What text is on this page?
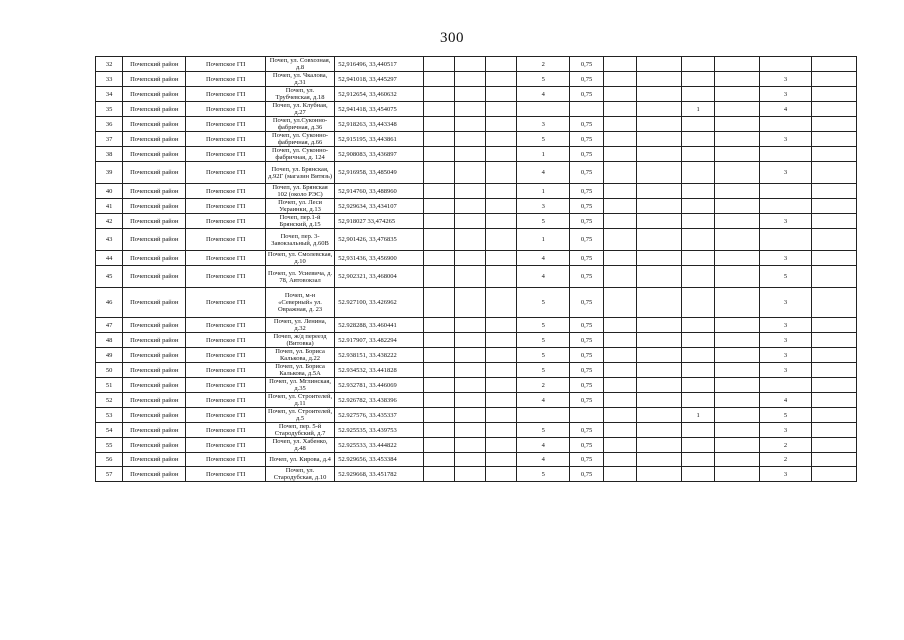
300
32	Почепский район	Почепское ГП	Почеп, ул. Совхозная, д.8	52,916496, 33,440517				2	0,75						
33	Почепский район	Почепское ГП	Почеп, ул. Чкалова, д.31	52,941018, 33,445297				5	0,75					3	
34	Почепский район	Почепское ГП	Почеп, ул. Трубчевская, д.18	52,912654, 33,460632				4	0,75					3	
35	Почепский район	Почепское ГП	Почеп, ул. Клубная, д.27	52,941418, 33,454075								1		4	
36	Почепский район	Почепское ГП	Почеп, ул.Суконно-фабричная, д.36	52,918263, 33,443348				3	0,75						
37	Почепский район	Почепское ГП	Почеп, ул. Суконно-фабричная, д.66	52,915195, 33,443861				5	0,75					3	
38	Почепский район	Почепское ГП	Почеп, ул. Суконно-фабричная, д. 124	52,908083, 33,436897				1	0,75						
39	Почепский район	Почепское ГП	Почеп, ул. Брянская, д.92Г (магазин Витязь)	52,916958, 33,485049				4	0,75					3	
40	Почепский район	Почепское ГП	Почеп, ул. Брянская 102 (около РЭС)	52,914760, 33,488960				1	0,75						
41	Почепский район	Почепское ГП	Почеп, ул. Леси Украинки, д.13	52,929634, 33,434107				3	0,75						
42	Почепский район	Почепское ГП	Почеп, пер.1-й Брянский, д.15	52,918027 33,474265				5	0,75					3	
43	Почепский район	Почепское ГП	Почеп, пер. 3-Завокзальный, д.60В	52,901426, 33,476835				1	0,75						
44	Почепский район	Почепское ГП	Почеп, ул. Смолевская, д.10	52,931436, 33,456900				4	0,75					3	
45	Почепский район	Почепское ГП	Почеп, ул. Усиевича, д. 78, Автовокзал	52,902321, 33,468004				4	0,75					5	
46	Почепский район	Почепское ГП	Почеп, м-н «Северный» ул. Овражная, д. 23	52.927100, 33.426962				5	0,75					3	
47	Почепский район	Почепское ГП	Почеп, ул. Ленина, д.32	52.928288, 33.460441				5	0,75					3	
48	Почепский район	Почепское ГП	Почеп, ж/д переезд (Витовка)	52.917907, 33.482294				5	0,75					3	
49	Почепский район	Почепское ГП	Почеп, ул. Бориса Калькова, д.22	52.938151, 33.438222				5	0,75					3	
50	Почепский район	Почепское ГП	Почеп, ул. Бориса Калькова, д.5А	52.934532, 33.441828				5	0,75					3	
51	Почепский район	Почепское ГП	Почеп, ул. Мглинская, д.35	52.932781, 33.446069				2	0,75						
52	Почепский район	Почепское ГП	Почеп, ул. Строителей, д.11	52.926782, 33.438396				4	0,75					4	
53	Почепский район	Почепское ГП	Почеп, ул. Строителей, д.5	52.927576, 33.435337								1		5	
54	Почепский район	Почепское ГП	Почеп, пер. 5-й Стародубский, д.7	52.925535, 33.439753				5	0,75					3	
55	Почепский район	Почепское ГП	Почеп, ул. Хабенко, д.48	52.925533, 33.444822				4	0,75					2	
56	Почепский район	Почепское ГП	Почеп, ул. Кирова, д.4	52.929656, 33.453384				4	0,75					2	
57	Почепский район	Почепское ГП	Почеп, ул. Стародубская, д.10	52.929668, 33.451782				5	0,75					3	
